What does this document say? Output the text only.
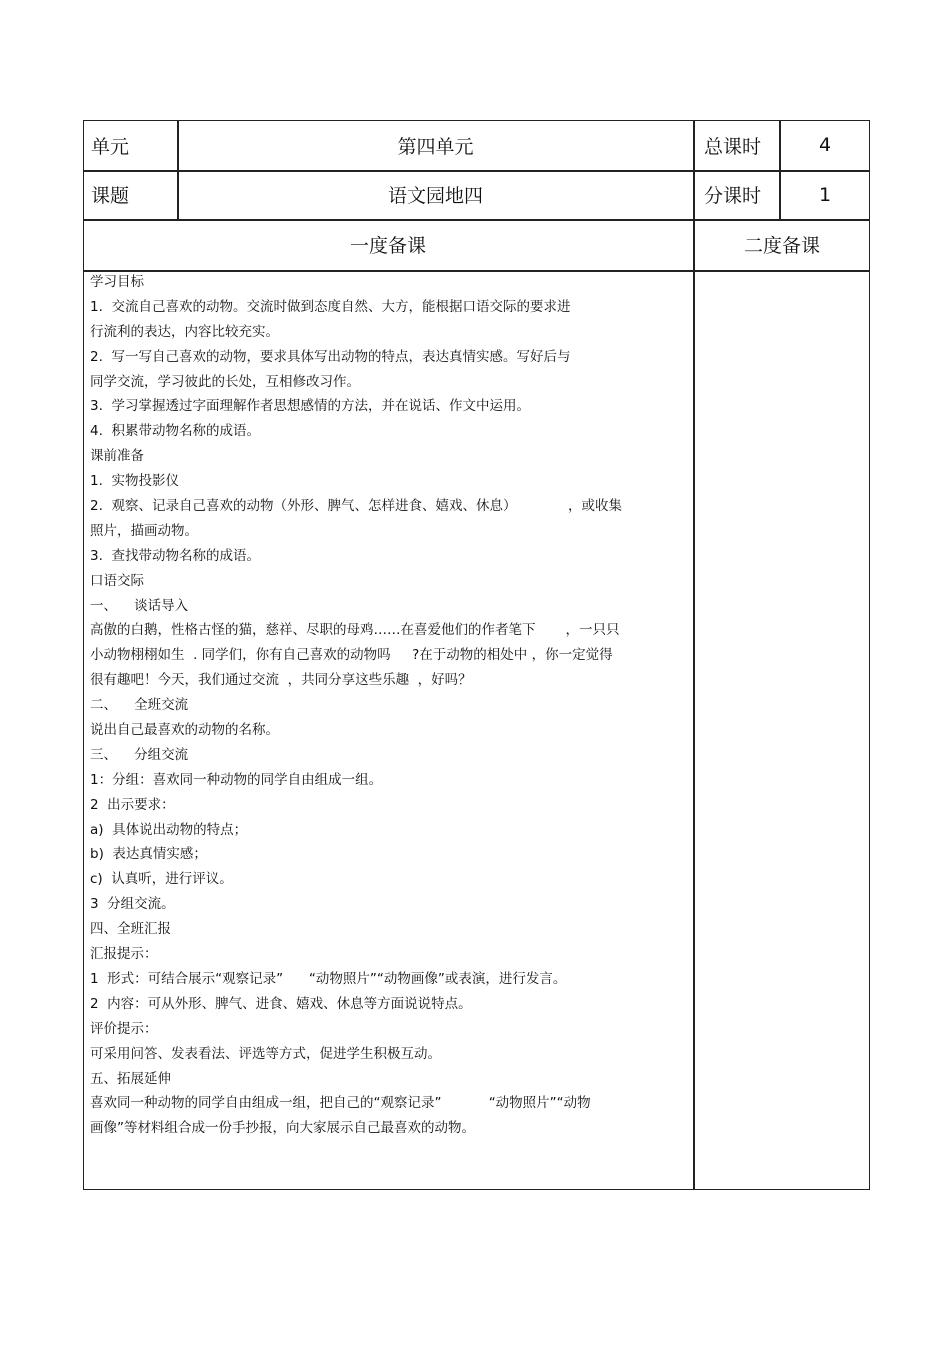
单元	第四单元	总课时	4
课题	语文园地四	分课时	1
一度备课	二度备课
学习目标
1.  交流自己喜欢的动物。交流时做到态度自然、大方，能根据口语交际的要求进
行流利的表达，内容比较充实。
2.  写一写自己喜欢的动物，要求具体写出动物的特点，表达真情实感。写好后与
同学交流，学习彼此的长处，互相修改习作。
3.  学习掌握透过字面理解作者思想感情的方法，并在说话、作文中运用。
4.  积累带动物名称的成语。
课前准备
1.  实物投影仪
2.  观察、记录自己喜欢的动物（外形、脾气、怎样进食、嬉戏、休息）            ，或收集
照片，描画动物。
3.  查找带动物名称的成语。
口语交际
一、    谈话导入
高傲的白鹅，性格古怪的猫，慈祥、尽职的母鸡……在喜爱他们的作者笔下       ，一只只
小动物栩栩如生  . 同学们，你有自己喜欢的动物吗     ?在于动物的相处中 ，你一定觉得
很有趣吧！今天，我们通过交流  ，共同分享这些乐趣  ，好吗？
二、    全班交流
说出自己最喜欢的动物的名称。
三、    分组交流
1：分组：喜欢同一种动物的同学自由组成一组。
2  出示要求：
a)  具体说出动物的特点；
b)  表达真情实感；
c)  认真听，进行评议。
3  分组交流。
四、全班汇报
汇报提示：
1  形式：可结合展示“观察记录”      “动物照片”“动物画像”或表演，进行发言。
2  内容：可从外形、脾气、进食、嬉戏、休息等方面说说特点。
评价提示：
可采用问答、发表看法、评选等方式，促进学生积极互动。
五、拓展延伸
喜欢同一种动物的同学自由组成一组，把自己的“观察记录”           “动物照片”“动物
画像”等材料组合成一份手抄报，向大家展示自己最喜欢的动物。
